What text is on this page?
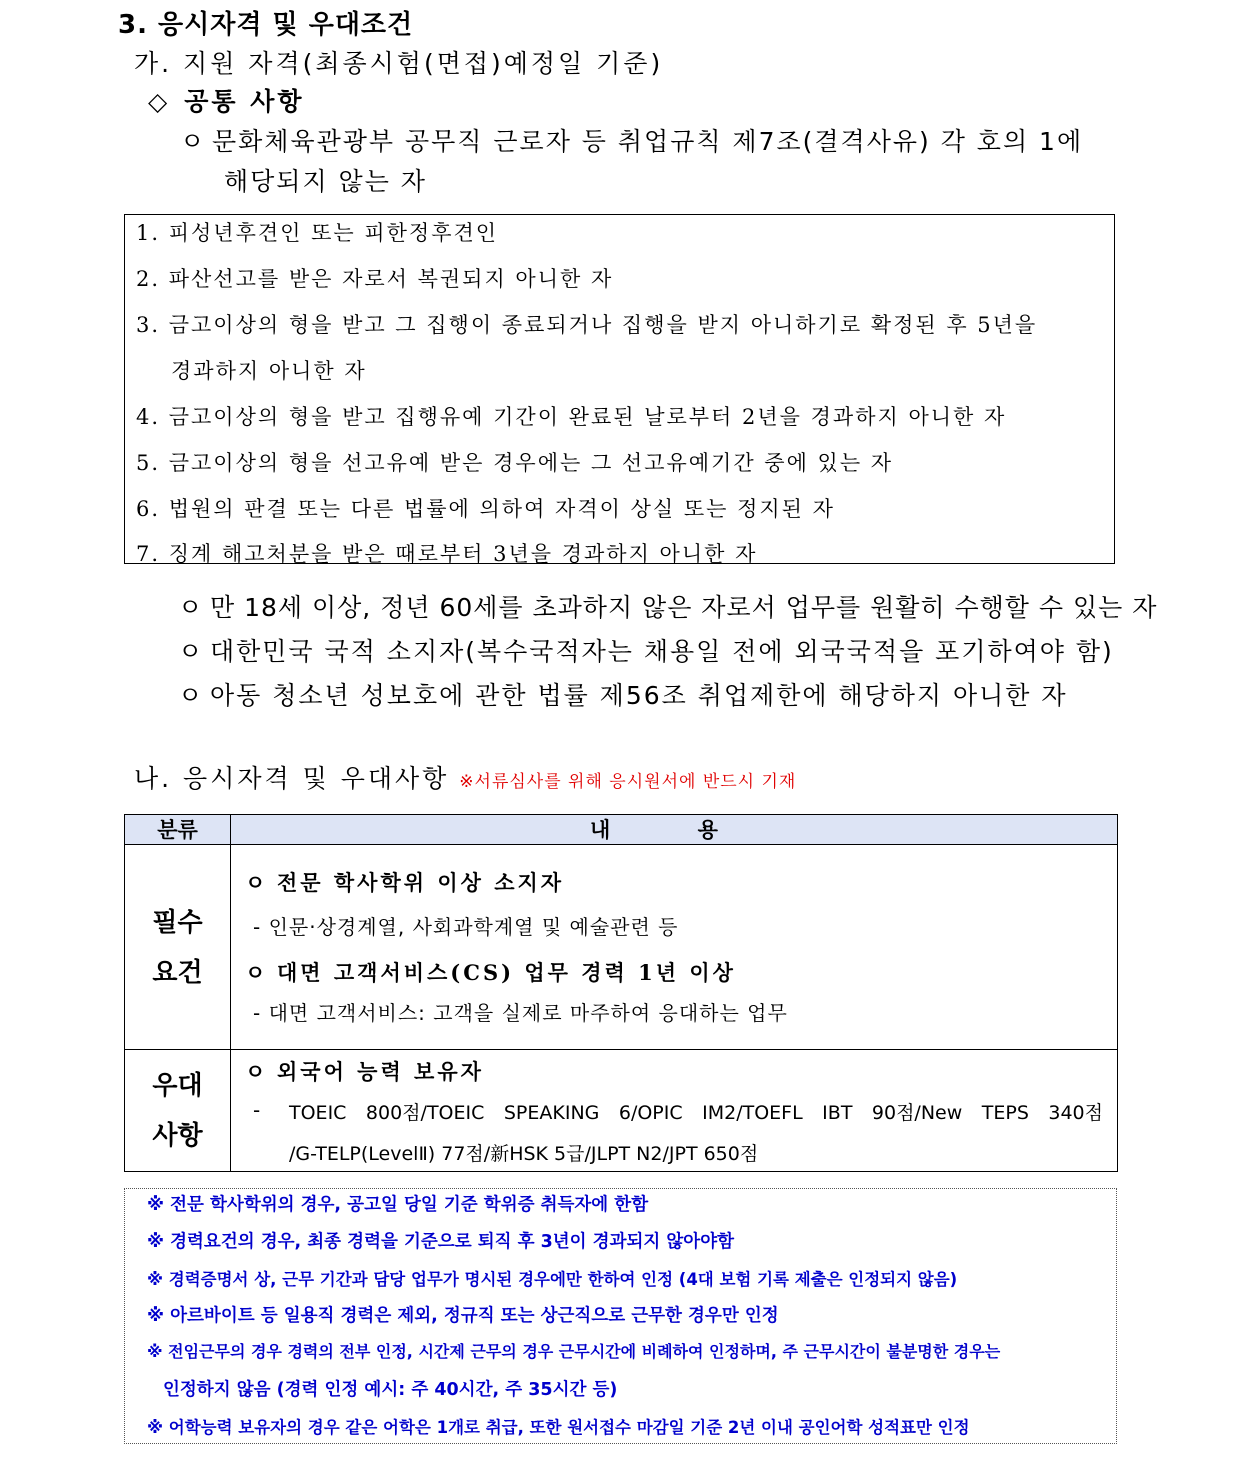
3. 응시자격 및 우대조건
가. 지원 자격(최종시험(면접)예정일 기준)
◇ 공통 사항
ㅇ 문화체육관광부 공무직 근로자 등 취업규칙 제7조(결격사유) 각 호의 1에
해당되지 않는 자
1. 피성년후견인 또는 피한정후견인
2. 파산선고를 받은 자로서 복권되지 아니한 자
3. 금고이상의 형을 받고 그 집행이 종료되거나 집행을 받지 아니하기로 확정된 후 5년을
경과하지 아니한 자
4. 금고이상의 형을 받고 집행유예 기간이 완료된 날로부터 2년을 경과하지 아니한 자
5. 금고이상의 형을 선고유예 받은 경우에는 그 선고유예기간 중에 있는 자
6. 법원의 판결 또는 다른 법률에 의하여 자격이 상실 또는 정지된 자
7. 징계 해고처분을 받은 때로부터 3년을 경과하지 아니한 자
ㅇ 만 18세 이상, 정년 60세를 초과하지 않은 자로서 업무를 원활히 수행할 수 있는 자
ㅇ 대한민국 국적 소지자(복수국적자는 채용일 전에 외국국적을 포기하여야 함)
ㅇ 아동 청소년 성보호에 관한 법률 제56조 취업제한에 해당하지 아니한 자
나. 응시자격 및 우대사항 ※서류심사를 위해 응시원서에 반드시 기재
분류	내 용
필수
요건
ㅇ 전문 학사학위 이상 소지자
- 인문·상경계열, 사회과학계열 및 예술관련 등
ㅇ 대면 고객서비스(CS) 업무 경력 1년 이상
- 대면 고객서비스: 고객을 실제로 마주하여 응대하는 업무
우대
사항
ㅇ 외국어 능력 보유자
- TOEIC 800점/TOEIC SPEAKING 6/OPIC IM2/TOEFL IBT 90점/New TEPS 340점
/G-TELP(LevelⅡ) 77점/新HSK 5급/JLPT N2/JPT 650점
※ 전문 학사학위의 경우, 공고일 당일 기준 학위증 취득자에 한함
※ 경력요건의 경우, 최종 경력을 기준으로 퇴직 후 3년이 경과되지 않아야함
※ 경력증명서 상, 근무 기간과 담당 업무가 명시된 경우에만 한하여 인정 (4대 보험 기록 제출은 인정되지 않음)
※ 아르바이트 등 일용직 경력은 제외, 정규직 또는 상근직으로 근무한 경우만 인정
※ 전임근무의 경우 경력의 전부 인정, 시간제 근무의 경우 근무시간에 비례하여 인정하며, 주 근무시간이 불분명한 경우는
인정하지 않음 (경력 인정 예시: 주 40시간, 주 35시간 등)
※ 어학능력 보유자의 경우 같은 어학은 1개로 취급, 또한 원서접수 마감일 기준 2년 이내 공인어학 성적표만 인정
